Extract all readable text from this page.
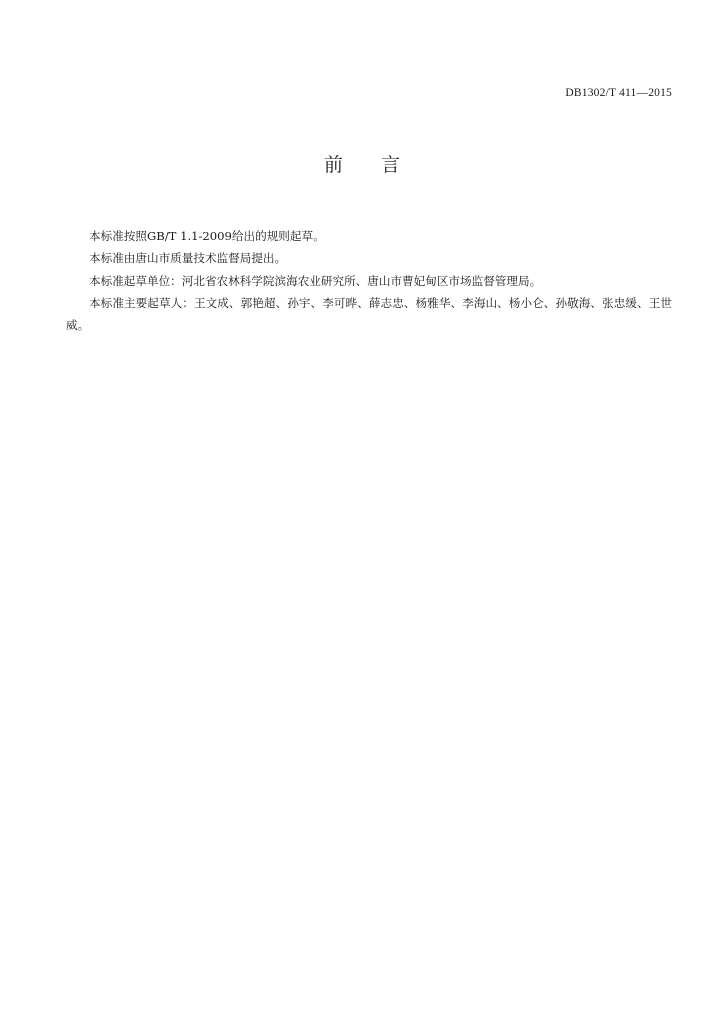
DB1302/T 411—2015
前　　言

本标准按照GB/T 1.1-2009给出的规则起草。

本标准由唐山市质量技术监督局提出。

本标准起草单位：河北省农林科学院滨海农业研究所、唐山市曹妃甸区市场监督管理局。

本标准主要起草人：王文成、郭艳超、孙宇、李可晔、薛志忠、杨雅华、李海山、杨小仑、孙敬海、张忠缓、王世威。
